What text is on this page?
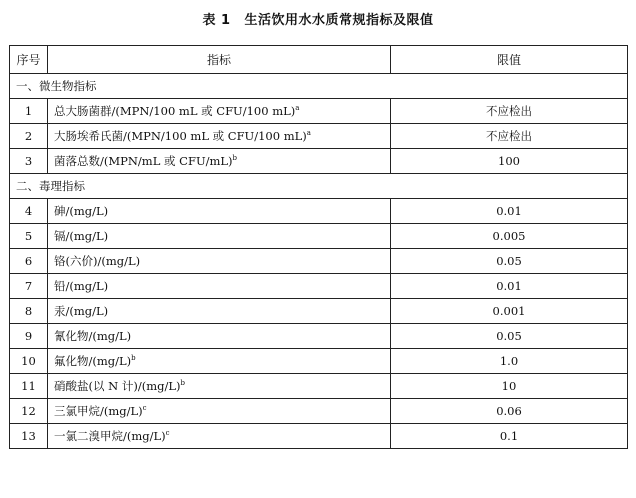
表 1 生活饮用水水质常规指标及限值
序号	指标	限值
一、微生物指标		
1	总大肠菌群/(MPN/100 mL 或 CFU/100 mL)$^a$	不应检出
2	大肠埃希氏菌/(MPN/100 mL 或 CFU/100 mL)$^a$	不应检出
3	菌落总数/(MPN/mL 或 CFU/mL)$^b$	100
二、毒理指标		
4	砷/(mg/L)	0.01
5	镉/(mg/L)	0.005
6	铬(六价)/(mg/L)	0.05
7	铅/(mg/L)	0.01
8	汞/(mg/L)	0.001
9	氰化物/(mg/L)	0.05
10	氟化物$/(mg/L)^b$	1.0
11	硝酸盐(以 N 计)$/(mg/L)^b$	10
12	三氯甲烷$/(mg/L)^c$	0.06
13	一氯二溴甲烷$/(mg/L)^c$	0.1
